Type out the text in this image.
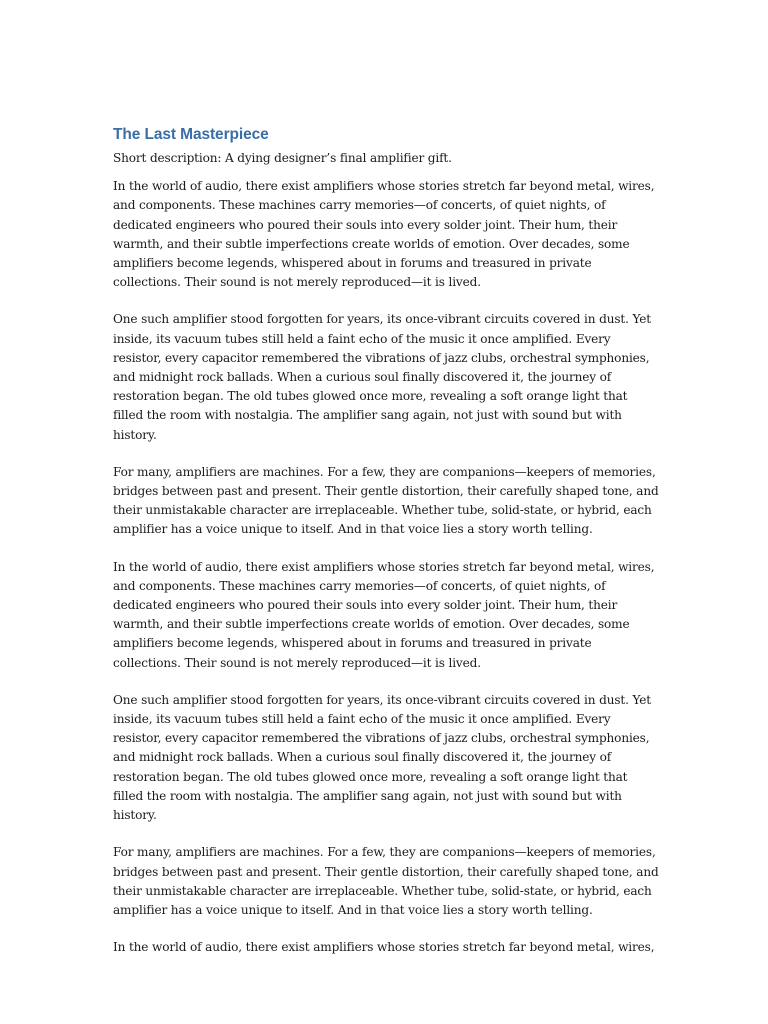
The Last Masterpiece

Short description: A dying designer’s final amplifier gift.

In the world of audio, there exist amplifiers whose stories stretch far beyond metal, wires, and components. These machines carry memories—of concerts, of quiet nights, of dedicated engineers who poured their souls into every solder joint. Their hum, their warmth, and their subtle imperfections create worlds of emotion. Over decades, some amplifiers become legends, whispered about in forums and treasured in private collections. Their sound is not merely reproduced—it is lived.

One such amplifier stood forgotten for years, its once-vibrant circuits covered in dust. Yet inside, its vacuum tubes still held a faint echo of the music it once amplified. Every resistor, every capacitor remembered the vibrations of jazz clubs, orchestral symphonies, and midnight rock ballads. When a curious soul finally discovered it, the journey of restoration began. The old tubes glowed once more, revealing a soft orange light that filled the room with nostalgia. The amplifier sang again, not just with sound but with history.

For many, amplifiers are machines. For a few, they are companions—keepers of memories, bridges between past and present. Their gentle distortion, their carefully shaped tone, and their unmistakable character are irreplaceable. Whether tube, solid-state, or hybrid, each amplifier has a voice unique to itself. And in that voice lies a story worth telling.

In the world of audio, there exist amplifiers whose stories stretch far beyond metal, wires, and components. These machines carry memories—of concerts, of quiet nights, of dedicated engineers who poured their souls into every solder joint. Their hum, their warmth, and their subtle imperfections create worlds of emotion. Over decades, some amplifiers become legends, whispered about in forums and treasured in private collections. Their sound is not merely reproduced—it is lived.

One such amplifier stood forgotten for years, its once-vibrant circuits covered in dust. Yet inside, its vacuum tubes still held a faint echo of the music it once amplified. Every resistor, every capacitor remembered the vibrations of jazz clubs, orchestral symphonies, and midnight rock ballads. When a curious soul finally discovered it, the journey of restoration began. The old tubes glowed once more, revealing a soft orange light that filled the room with nostalgia. The amplifier sang again, not just with sound but with history.

For many, amplifiers are machines. For a few, they are companions—keepers of memories, bridges between past and present. Their gentle distortion, their carefully shaped tone, and their unmistakable character are irreplaceable. Whether tube, solid-state, or hybrid, each amplifier has a voice unique to itself. And in that voice lies a story worth telling.

In the world of audio, there exist amplifiers whose stories stretch far beyond metal, wires,
